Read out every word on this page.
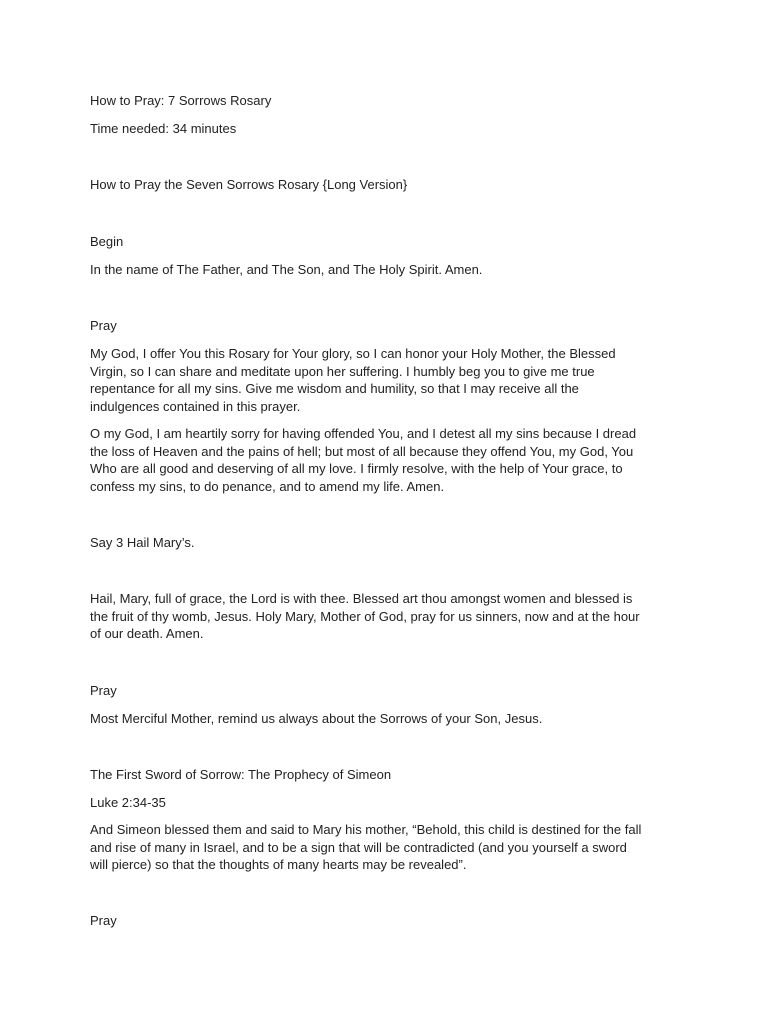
How to Pray: 7 Sorrows Rosary

Time needed: 34 minutes

How to Pray the Seven Sorrows Rosary {Long Version}

Begin

In the name of The Father, and The Son, and The Holy Spirit. Amen.

Pray

My God, I offer You this Rosary for Your glory, so I can honor your Holy Mother, the Blessed
Virgin, so I can share and meditate upon her suffering. I humbly beg you to give me true
repentance for all my sins. Give me wisdom and humility, so that I may receive all the
indulgences contained in this prayer.
O my God, I am heartily sorry for having offended You, and I detest all my sins because I dread
the loss of Heaven and the pains of hell; but most of all because they offend You, my God, You
Who are all good and deserving of all my love. I firmly resolve, with the help of Your grace, to
confess my sins, to do penance, and to amend my life. Amen.

Say 3 Hail Mary’s.

Hail, Mary, full of grace, the Lord is with thee. Blessed art thou amongst women and blessed is
the fruit of thy womb, Jesus. Holy Mary, Mother of God, pray for us sinners, now and at the hour
of our death. Amen.

Pray

Most Merciful Mother, remind us always about the Sorrows of your Son, Jesus.

The First Sword of Sorrow: The Prophecy of Simeon

Luke 2:34-35

And Simeon blessed them and said to Mary his mother, “Behold, this child is destined for the fall
and rise of many in Israel, and to be a sign that will be contradicted (and you yourself a sword
will pierce) so that the thoughts of many hearts may be revealed”.

Pray
